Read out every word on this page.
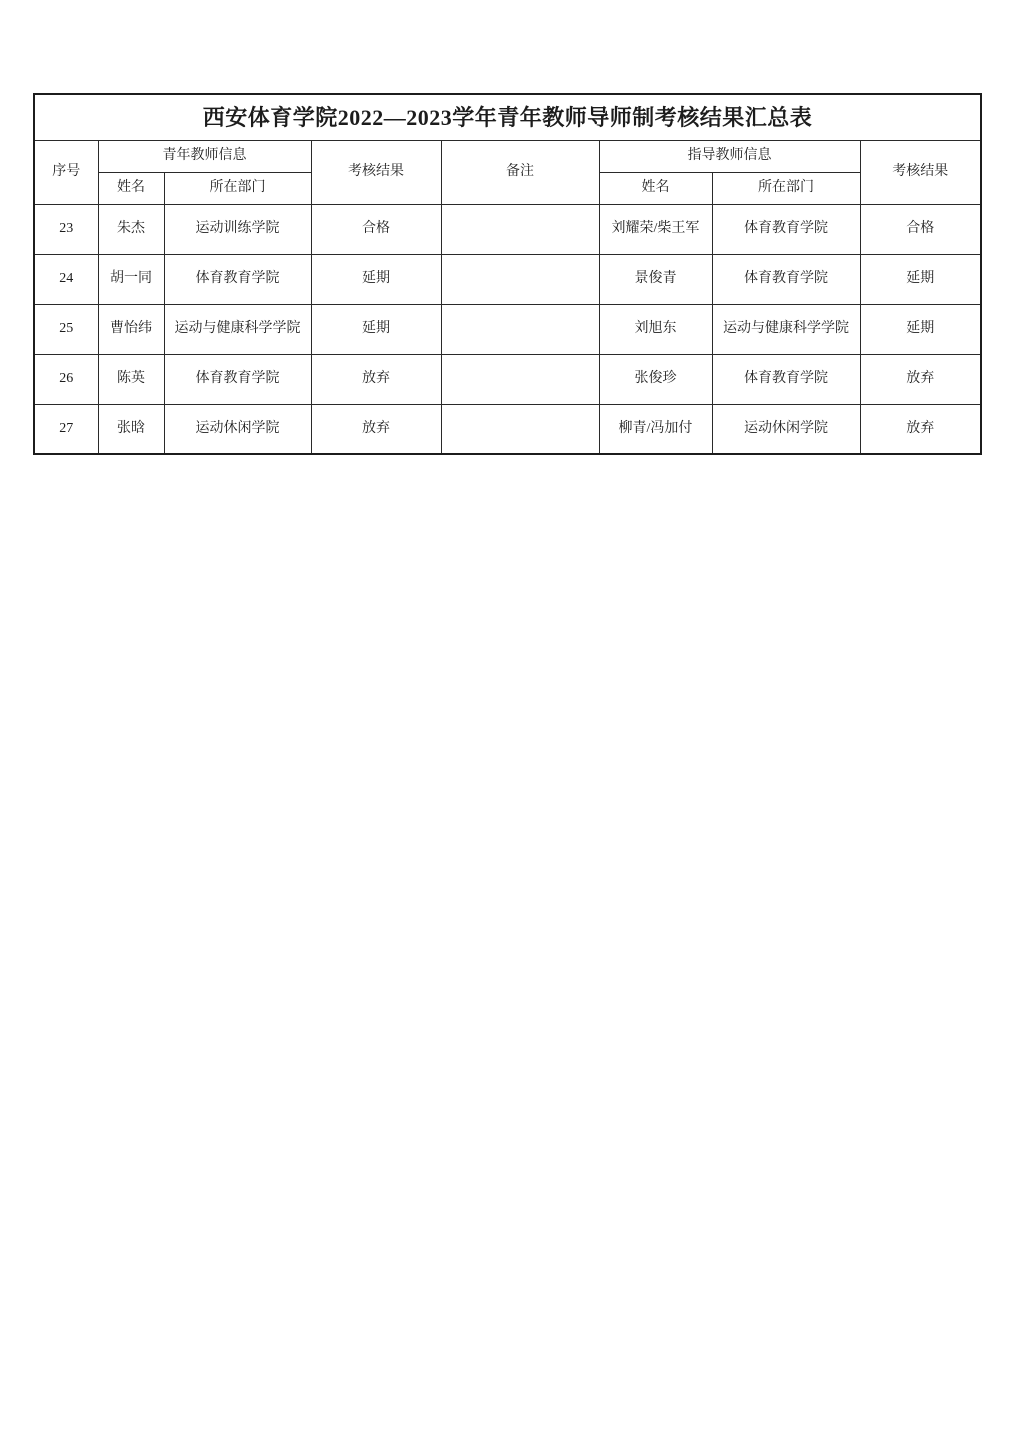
西安体育学院2022—2023学年青年教师导师制考核结果汇总表							
序号	青年教师信息		考核结果	备注	指导教师信息		考核结果
	姓名	所在部门			姓名	所在部门	
23	朱杰	运动训练学院	合格		刘耀荣/柴王军	体育教育学院	合格
24	胡一同	体育教育学院	延期		景俊青	体育教育学院	延期
25	曹怡纬	运动与健康科学学院	延期		刘旭东	运动与健康科学学院	延期
26	陈英	体育教育学院	放弃		张俊珍	体育教育学院	放弃
27	张晗	运动休闲学院	放弃		柳青/冯加付	运动休闲学院	放弃
